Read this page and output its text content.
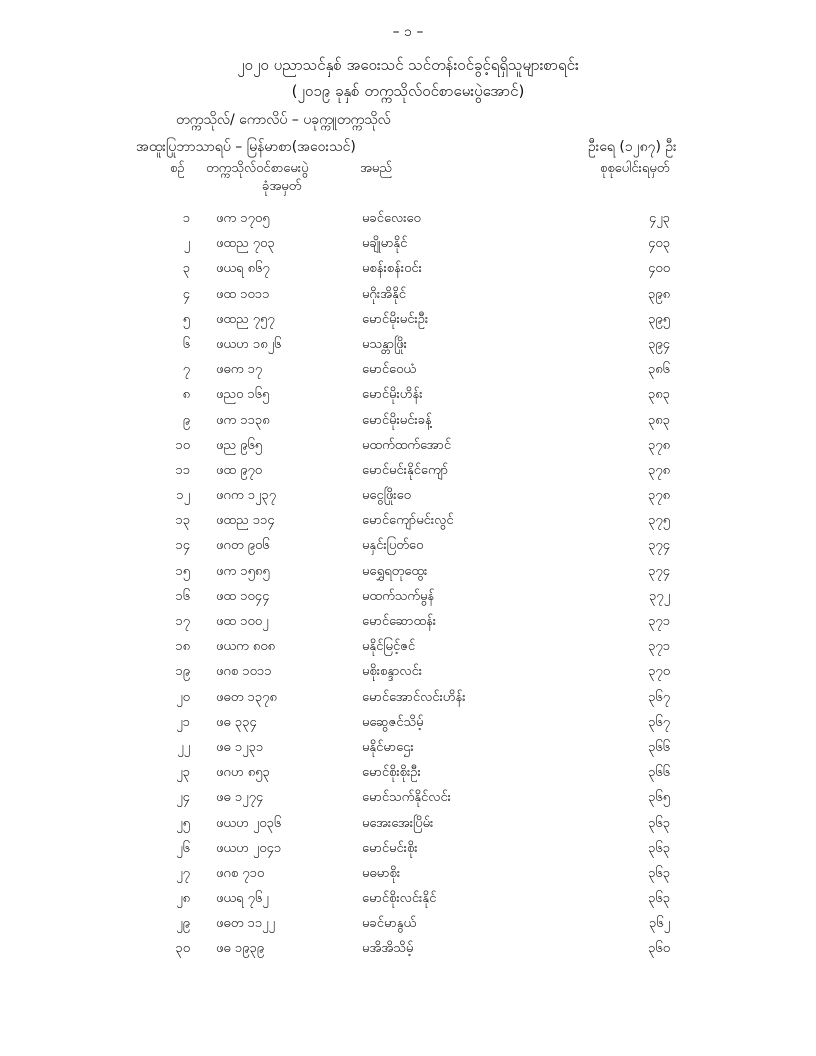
– ၁ –
၂၀၂၀ ပညာသင်နှစ် အဝေးသင် သင်တန်းဝင်ခွင့်ရရှိသူများစာရင်း
(၂၀၁၉ ခုနှစ် တက္ကသိုလ်ဝင်စာမေးပွဲအောင်)
တက္ကသိုလ်/ ကောလိပ် – ပခုက္ကူတက္ကသိုလ်
အထူးပြုဘာသာရပ် – မြန်မာစာ(အဝေးသင်)	ဦးရေ (၁၂၈၇) ဦး
စဉ် တက္ကသိုလ်ဝင်စာမေးပွဲ
ခုံအမှတ်
အမည်	စုစုပေါင်းရမှတ်
၁ ဖက ၁၇၀၅	မခင်လေးဝေ	၄၂၃
၂ ဖထည ၇၀၃	မချိုမာနိုင်	၄၀၃
၃ ဖယရ ၈၆၇	မစန်းစန်းဝင်း	၄၀၀
၄ ဖထ ၁၀၁၁	မဂိုးအိနိုင်	၃၉၈
၅ ဖထည ၇၅၇	မောင်မိုးမင်းဦး	၃၉၅
၆ ဖယဟ ၁၈၂၆	မသန္တာဖြိုး	၃၉၄
၇ ဖဓက ၁၇	မောင်ဝေယံ	၃၈၆
၈ ဖညဝ ၁၆၅	မောင်မိုးဟိန်း	၃၈၃
၉ ဖက ၁၁၃၈	မောင်မိုးမင်းခန့်	၃၈၃
၁၀ ဖည ၉၆၅	မထက်ထက်အောင်	၃၇၈
၁၁ ဖထ ၉၇၀	မောင်မင်းနိုင်ကျော်	၃၇၈
၁၂ ဖဂက ၁၂၃၇	မငွေဖြိုးဝေ	၃၇၈
၁၃ ဖထည ၁၁၄	မောင်ကျော်မင်းလွင်	၃၇၅
၁၄ ဖဂတ ၉၀၆	မနှင်းပြတ်ဝေ	၃၇၄
၁၅ ဖက ၁၅၈၅	မရွှေရတုထွေး	၃၇၄
၁၆ ဖထ ၁၀၄၄	မထက်သက်မွန်	၃၇၂
၁၇ ဖထ ၁၀၀၂	မောင်ဆောထန်း	၃၇၁
၁၈ ဖယက ၈၀၈	မနိုင်မြင့်ဇင်	၃၇၁
၁၉ ဖဂစ ၁၀၁၁	မစိုးစန္ဒာလင်း	၃၇၀
၂၀ ဖဓတ ၁၃၇၈	မောင်အောင်လင်းဟိန်း	၃၆၇
၂၁ ဖဓ ၃၃၄	မဆွေဇင်သိမ့်	၃၆၇
၂၂ ဖဓ ၁၂၃၁	မနိုင်မာဌေး	၃၆၆
၂၃ ဖဂဟ ၈၅၃	မောင်စိုးစိုးဦး	၃၆၆
၂၄ ဖဓ ၁၂၇၄	မောင်သက်နိုင်လင်း	၃၆၅
၂၅ ဖယဟ ၂၀၃၆	မအေးအေးပြိမ်း	၃၆၃
၂၆ ဖယဟ ၂၀၄၁	မောင်မင်းစိုး	၃၆၃
၂၇ ဖဂစ ၇၁၀	မဓမာစိုး	၃၆၃
၂၈ ဖယရ ၇၆၂	မောင်စိုးလင်းနိုင်	၃၆၃
၂၉ ဖဓတ ၁၁၂၂	မခင်မာနွယ်	၃၆၂
၃၀ ဖဓ ၁၉၃၉	မအိအိသိမ့်	၃၆၀
